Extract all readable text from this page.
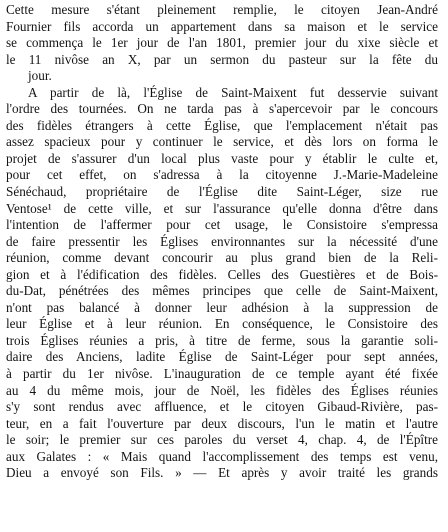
Cette mesure s'étant pleinement remplie, le citoyen Jean-André
Fournier fils accorda un appartement dans sa maison et le service
se commença le 1er jour de l'an 1801, premier jour du xixe siècle et
le 11 nivôse an X, par un sermon du pasteur sur la fête du
jour.
A partir de là, l'Église de Saint-Maixent fut desservie suivant
l'ordre des tournées. On ne tarda pas à s'apercevoir par le concours
des fidèles étrangers à cette Église, que l'emplacement n'était pas
assez spacieux pour y continuer le service, et dès lors on forma le
projet de s'assurer d'un local plus vaste pour y établir le culte et,
pour cet effet, on s'adressa à la citoyenne J.-Marie-Madeleine
Sénéchaud, propriétaire de l'Église dite Saint-Léger, size rue
Ventose¹ de cette ville, et sur l'assurance qu'elle donna d'être dans
l'intention de l'affermer pour cet usage, le Consistoire s'empressa
de faire pressentir les Églises environnantes sur la nécessité d'une
réunion, comme devant concourir au plus grand bien de la Reli-
gion et à l'édification des fidèles. Celles des Guestières et de Bois-
du-Dat, pénétrées des mêmes principes que celle de Saint-Maixent,
n'ont pas balancé à donner leur adhésion à la suppression de
leur Église et à leur réunion. En conséquence, le Consistoire des
trois Églises réunies a pris, à titre de ferme, sous la garantie soli-
daire des Anciens, ladite Église de Saint-Léger pour sept années,
à partir du 1er nivôse. L'inauguration de ce temple ayant été fixée
au 4 du même mois, jour de Noël, les fidèles des Églises réunies
s'y sont rendus avec affluence, et le citoyen Gibaud-Rivière, pas-
teur, en a fait l'ouverture par deux discours, l'un le matin et l'autre
le soir; le premier sur ces paroles du verset 4, chap. 4, de l'Épître
aux Galates : « Mais quand l'accomplissement des temps est venu,
Dieu a envoyé son Fils. » — Et après y avoir traité les grands
